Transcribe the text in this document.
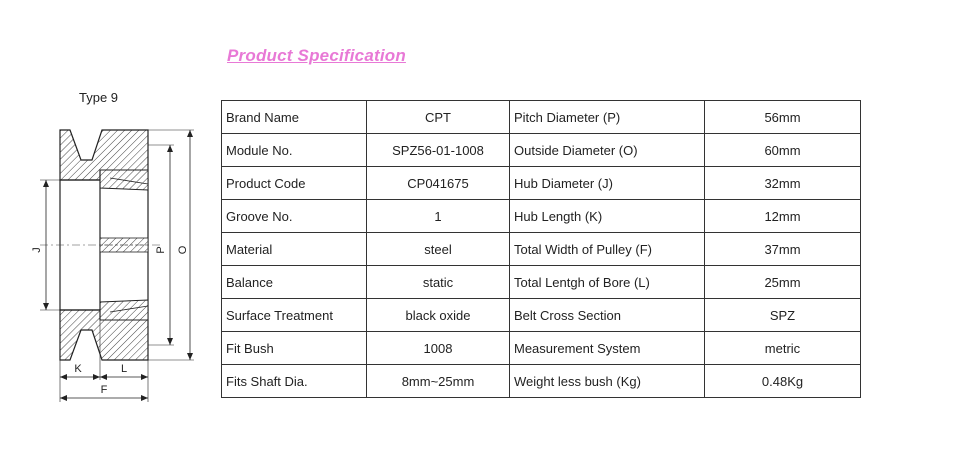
Product Specification
Type 9
J	P O
K	L
F
Brand Name	CPT	Pitch Diameter (P)	56mm
Module No.	SPZ56-01-1008	Outside Diameter (O)	60mm
Product Code	CP041675	Hub Diameter (J)	32mm
Groove No.	1	Hub Length (K)	12mm
Material	steel	Total Width of Pulley (F)	37mm
Balance	static	Total Lentgh of Bore (L)	25mm
Surface Treatment	black oxide	Belt Cross Section	SPZ
Fit Bush	1008	Measurement System	metric
Fits Shaft Dia.	8mm~25mm	Weight less bush (Kg)	0.48Kg
